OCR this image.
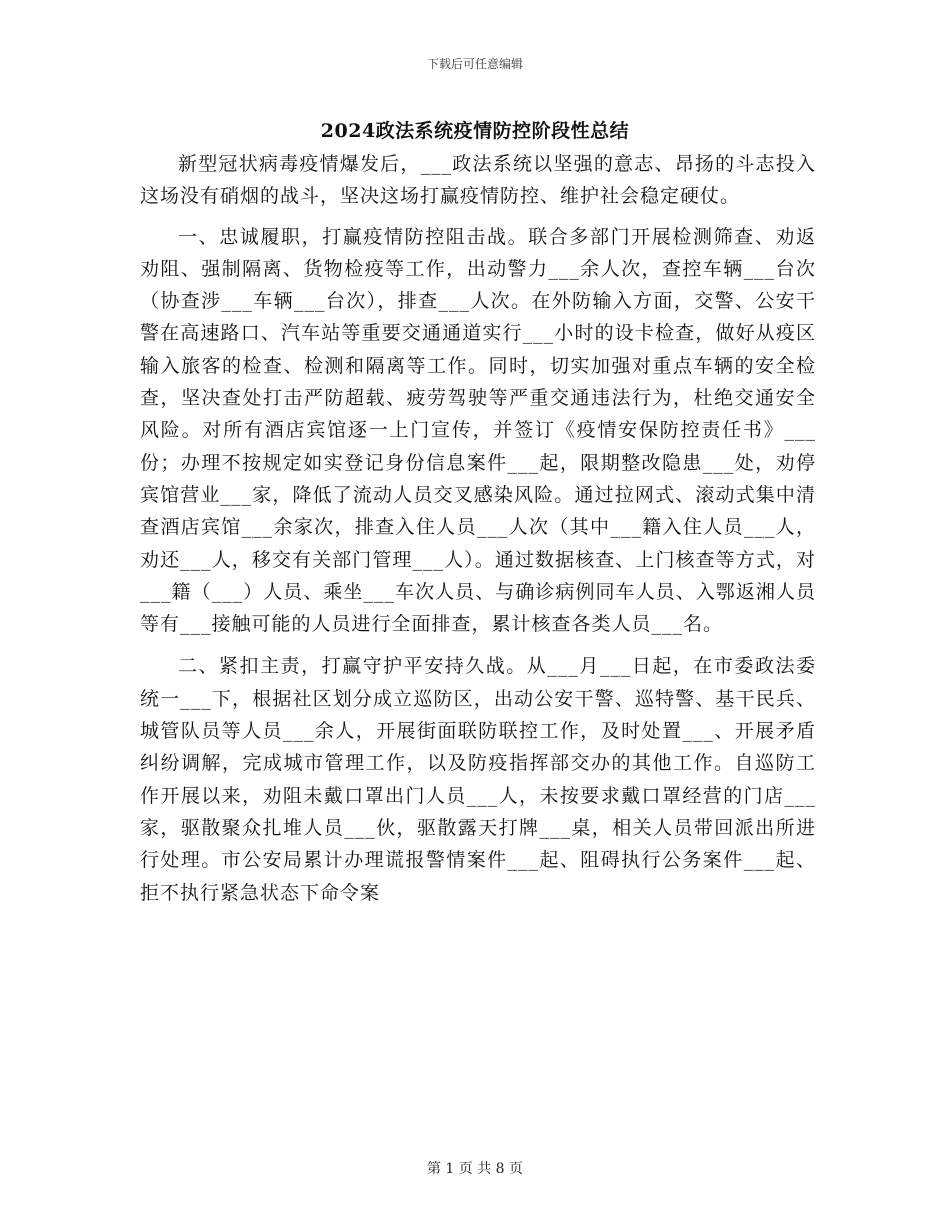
下载后可任意编辑
2024政法系统疫情防控阶段性总结

新型冠状病毒疫情爆发后，___政法系统以坚强的意志、昂扬的斗志投入这场没有硝烟的战斗，坚决这场打赢疫情防控、维护社会稳定硬仗。

一、忠诚履职，打赢疫情防控阻击战。联合多部门开展检测筛查、劝返劝阻、强制隔离、货物检疫等工作，出动警力___余人次，查控车辆___台次（协查涉___车辆___台次），排查___人次。在外防输入方面，交警、公安干警在高速路口、汽车站等重要交通通道实行___小时的设卡检查，做好从疫区输入旅客的检查、检测和隔离等工作。同时，切实加强对重点车辆的安全检查，坚决查处打击严防超载、疲劳驾驶等严重交通违法行为，杜绝交通安全风险。对所有酒店宾馆逐一上门宣传，并签订《疫情安保防控责任书》___份；办理不按规定如实登记身份信息案件___起，限期整改隐患___处，劝停宾馆营业___家，降低了流动人员交叉感染风险。通过拉网式、滚动式集中清查酒店宾馆___余家次，排查入住人员___人次（其中___籍入住人员___人，劝还___人，移交有关部门管理___人）。通过数据核查、上门核查等方式，对___籍（___）人员、乘坐___车次人员、与确诊病例同车人员、入鄂返湘人员等有___接触可能的人员进行全面排查，累计核查各类人员___名。

二、紧扣主责，打赢守护平安持久战。从___月___日起，在市委政法委统一___下，根据社区划分成立巡防区，出动公安干警、巡特警、基干民兵、城管队员等人员___余人，开展街面联防联控工作，及时处置___、开展矛盾纠纷调解，完成城市管理工作，以及防疫指挥部交办的其他工作。自巡防工作开展以来，劝阻未戴口罩出门人员___人，未按要求戴口罩经营的门店___家，驱散聚众扎堆人员___伙，驱散露天打牌___桌，相关人员带回派出所进行处理。市公安局累计办理谎报警情案件___起、阻碍执行公务案件___起、拒不执行紧急状态下命令案

第 1 页 共 8 页
